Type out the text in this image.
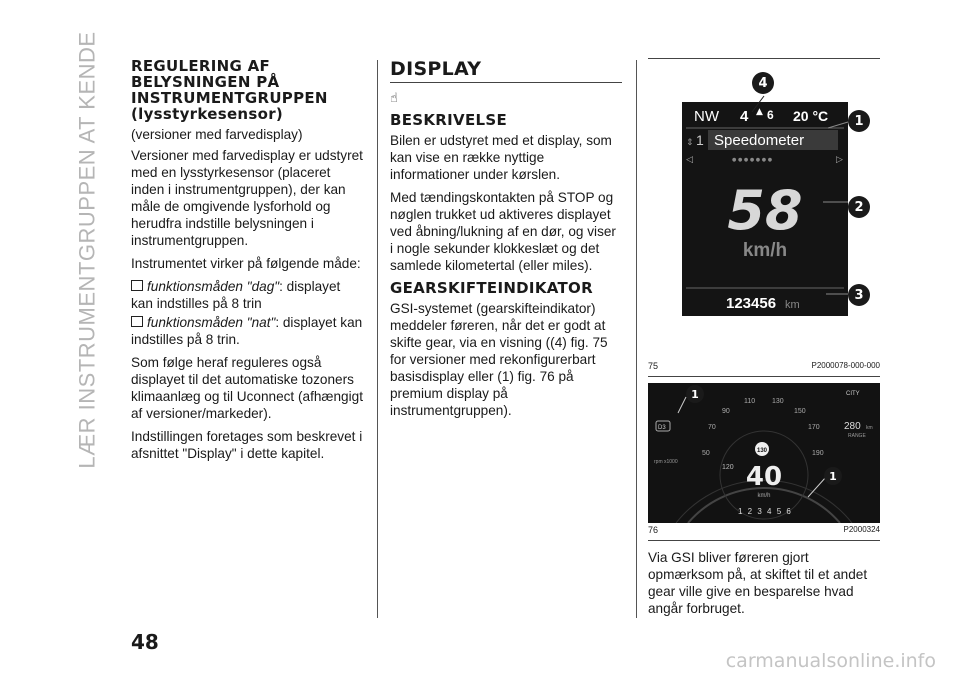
LÆR INSTRUMENTGRUPPEN AT KENDE REGULERING AF BELYSNINGEN PÅ INSTRUMENTGRUPPEN (lysstyrkesensor)

(versioner med farvedisplay)

Versioner med farvedisplay er udstyret med en lysstyrkesensor (placeret inden i instrumentgruppen), der kan måle de omgivende lysforhold og herudfra indstille belysningen i instrumentgruppen.

Instrumentet virker på følgende måde:

funktionsmåden "dag": displayet kan indstilles på 8 trin

funktionsmåden "nat": displayet kan indstilles på 8 trin.

Som følge heraf reguleres også displayet til det automatiske tozoners klimaanlæg og til Uconnect (afhængigt af versioner/markeder).

Indstillingen foretages som beskrevet i afsnittet "Display" i dette kapitel.

DISPLAY
☝
BESKRIVELSE

Bilen er udstyret med et display, som kan vise en række nyttige informationer under kørslen.

Med tændingskontakten på STOP og nøglen trukket ud aktiveres displayet ved åbning/lukning af en dør, og viser i nogle sekunder klokkeslæt og det samlede kilometertal (eller miles).

GEARSKIFTEINDIKATOR

GSI-systemet (gearskifteindikator) meddeler føreren, når det er godt at skifte gear, via en visning ((4) fig. 75 for versioner med rekonfigurerbart basisdisplay eller (1) fig. 76 på premium display på instrumentgruppen).

NW 4 ▲ 6 20 °C
⇕ 1 Speedometer
◁	▷
● ● ● ● ● ● ●
58
km/h
123456 km
4
1
2
3
75	P2000078-000-000
110 130
90	150
70	170
50	190
130
120 40
km/h
1 2 3 4 5 6
D3
rpm x1000
CITY
280 km
RANGE
1
1
76	P2000324

Via GSI bliver føreren gjort opmærksom på, at skiftet til et andet gear ville give en besparelse hvad angår forbruget.

48
carmanualsonline.info
